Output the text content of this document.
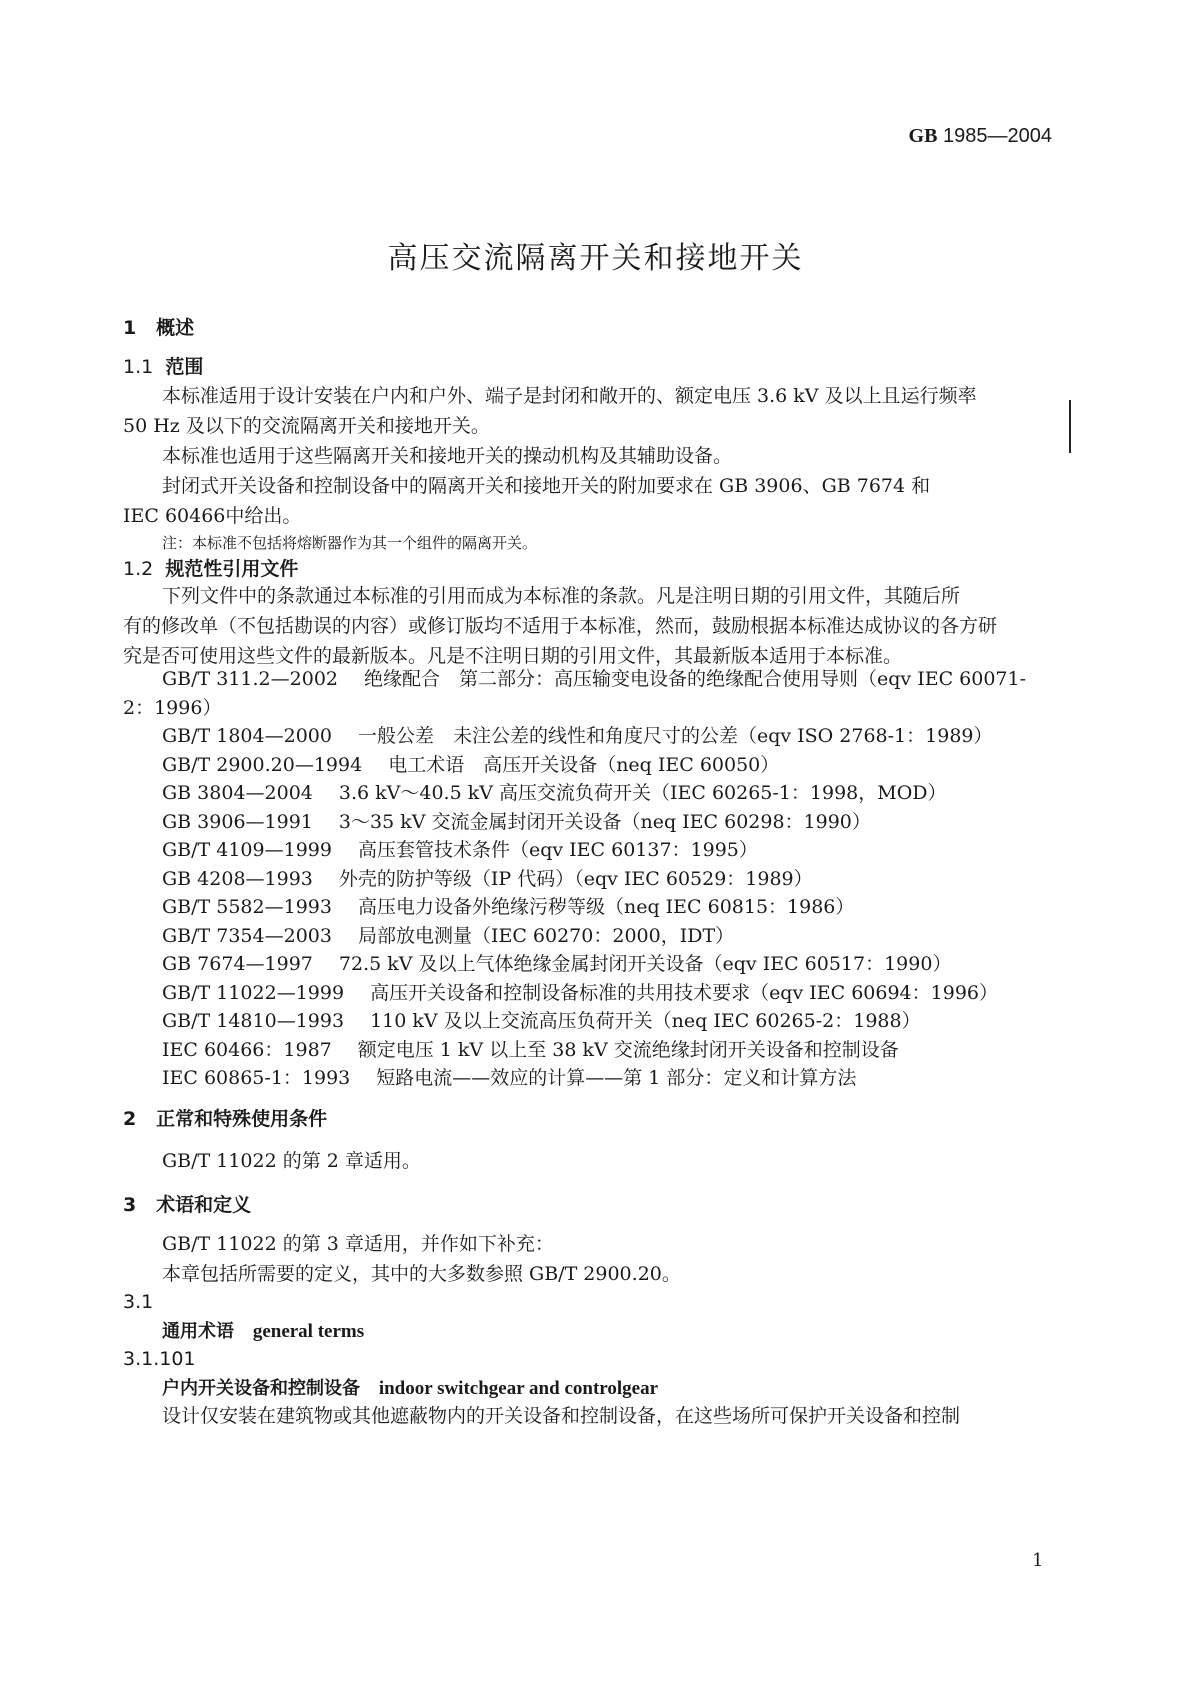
GB 1985—2004
高压交流隔离开关和接地开关
1 概述
1.1 范围
本标准适用于设计安装在户内和户外、端子是封闭和敞开的、额定电压 3.6 kV 及以上且运行频率
50 Hz 及以下的交流隔离开关和接地开关。
本标准也适用于这些隔离开关和接地开关的操动机构及其辅助设备。
封闭式开关设备和控制设备中的隔离开关和接地开关的附加要求在 GB 3906、GB 7674 和
IEC 60466中给出。
注：本标准不包括将熔断器作为其一个组件的隔离开关。
1.2 规范性引用文件
下列文件中的条款通过本标准的引用而成为本标准的条款。凡是注明日期的引用文件，其随后所
有的修改单（不包括勘误的内容）或修订版均不适用于本标准，然而，鼓励根据本标准达成协议的各方研
究是否可使用这些文件的最新版本。凡是不注明日期的引用文件，其最新版本适用于本标准。
GB/T 311.2—2002 绝缘配合　第二部分：高压输变电设备的绝缘配合使用导则（eqv IEC 60071-
2：1996）
GB/T 1804—2000 一般公差　未注公差的线性和角度尺寸的公差（eqv ISO 2768-1：1989）
GB/T 2900.20—1994 电工术语　高压开关设备（neq IEC 60050）
GB 3804—2004 3.6 kV～40.5 kV 高压交流负荷开关（IEC 60265-1：1998，MOD）
GB 3906—1991 3～35 kV 交流金属封闭开关设备（neq IEC 60298：1990）
GB/T 4109—1999 高压套管技术条件（eqv IEC 60137：1995）
GB 4208—1993 外壳的防护等级（IP 代码）（eqv IEC 60529：1989）
GB/T 5582—1993 高压电力设备外绝缘污秽等级（neq IEC 60815：1986）
GB/T 7354—2003 局部放电测量（IEC 60270：2000，IDT）
GB 7674—1997 72.5 kV 及以上气体绝缘金属封闭开关设备（eqv IEC 60517：1990）
GB/T 11022—1999 高压开关设备和控制设备标准的共用技术要求（eqv IEC 60694：1996）
GB/T 14810—1993 110 kV 及以上交流高压负荷开关（neq IEC 60265-2：1988）
IEC 60466：1987 额定电压 1 kV 以上至 38 kV 交流绝缘封闭开关设备和控制设备
IEC 60865-1：1993 短路电流——效应的计算——第 1 部分：定义和计算方法
2 正常和特殊使用条件
GB/T 11022 的第 2 章适用。
3 术语和定义
GB/T 11022 的第 3 章适用，并作如下补充：
本章包括所需要的定义，其中的大多数参照 GB/T 2900.20。
3.1
通用术语 general terms
3.1.101
户内开关设备和控制设备 indoor switchgear and controlgear
设计仅安装在建筑物或其他遮蔽物内的开关设备和控制设备，在这些场所可保护开关设备和控制
1
